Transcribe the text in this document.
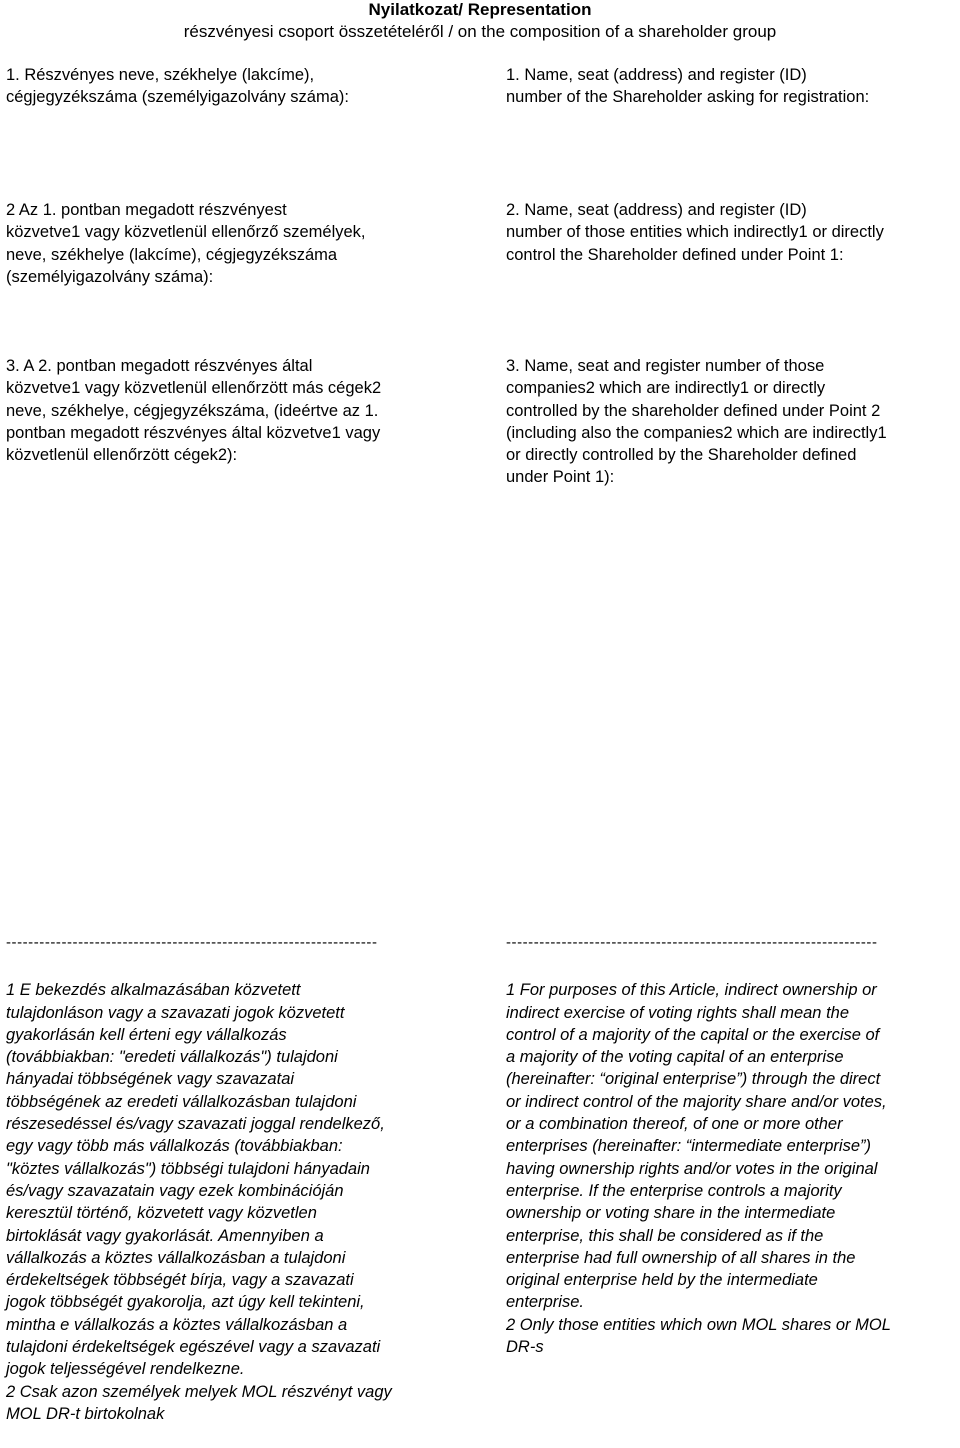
Nyilatkozat/ Representation
részvényesi csoport összetételéről / on the composition of a shareholder group
1. Részvényes neve, székhelye (lakcíme),
cégjegyzékszáma (személyigazolvány száma):
1. Name, seat (address) and register (ID)
number of the Shareholder asking for registration:
2 Az 1. pontban megadott részvényest
közvetve1 vagy közvetlenül ellenőrző személyek,
neve, székhelye (lakcíme), cégjegyzékszáma
(személyigazolvány száma):
2. Name, seat (address) and register (ID)
number of those entities which indirectly1 or directly
control the Shareholder defined under Point 1:
3. A 2. pontban megadott részvényes által
közvetve1 vagy közvetlenül ellenőrzött más cégek2
neve, székhelye, cégjegyzékszáma, (ideértve az 1.
pontban megadott részvényes által közvetve1 vagy
közvetlenül ellenőrzött cégek2):
3. Name, seat and register number of those
companies2 which are indirectly1 or directly
controlled by the shareholder defined under Point 2
(including also the companies2 which are indirectly1
or directly controlled by the Shareholder defined
under Point 1):
-------------------------------------------------------------------	-------------------------------------------------------------------

1 E bekezdés alkalmazásában közvetett
tulajdonláson vagy a szavazati jogok közvetett
gyakorlásán kell érteni egy vállalkozás
(továbbiakban: "eredeti vállalkozás") tulajdoni
hányadai többségének vagy szavazatai
többségének az eredeti vállalkozásban tulajdoni
részesedéssel és/vagy szavazati joggal rendelkező,
egy vagy több más vállalkozás (továbbiakban:
"köztes vállalkozás") többségi tulajdoni hányadain
és/vagy szavazatain vagy ezek kombinációján
keresztül történő, közvetett vagy közvetlen
birtoklását vagy gyakorlását. Amennyiben a
vállalkozás a köztes vállalkozásban a tulajdoni
érdekeltségek többségét bírja, vagy a szavazati
jogok többségét gyakorolja, azt úgy kell tekinteni,
mintha e vállalkozás a köztes vállalkozásban a
tulajdoni érdekeltségek egészével vagy a szavazati
jogok teljességével rendelkezne.

2 Csak azon személyek melyek MOL részvényt vagy
MOL DR-t birtokolnak

1 For purposes of this Article, indirect ownership or
indirect exercise of voting rights shall mean the
control of a majority of the capital or the exercise of
a majority of the voting capital of an enterprise
(hereinafter: “original enterprise”) through the direct
or indirect control of the majority share and/or votes,
or a combination thereof, of one or more other
enterprises (hereinafter: “intermediate enterprise”)
having ownership rights and/or votes in the original
enterprise. If the enterprise controls a majority
ownership or voting share in the intermediate
enterprise, this shall be considered as if the
enterprise had full ownership of all shares in the
original enterprise held by the intermediate
enterprise.

2 Only those entities which own MOL shares or MOL
DR-s
